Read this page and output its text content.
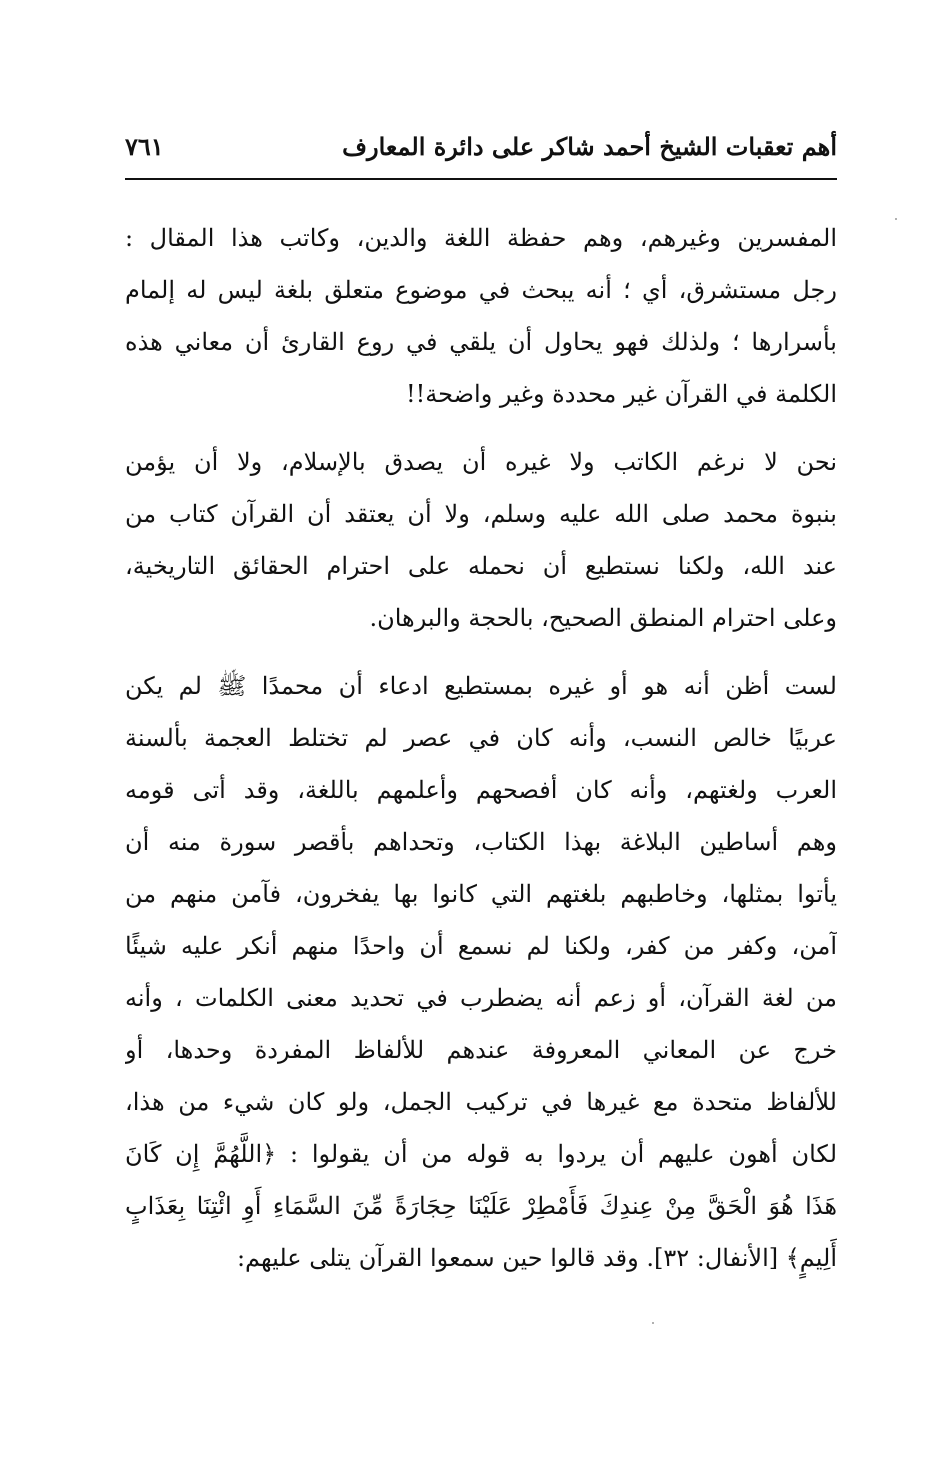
أهم تعقبات الشيخ أحمد شاكر على دائرة المعارف
٧٦١

المفسرين وغيرهم، وهم حفظة اللغة والدين، وكاتب هذا المقال :
رجل مستشرق، أي ؛ أنه يبحث في موضوع متعلق بلغة ليس له إلمام
بأسرارها ؛ ولذلك فهو يحاول أن يلقي في روع القارئ أن معاني هذه
الكلمة في القرآن غير محددة وغير واضحة!!

نحن لا نرغم الكاتب ولا غيره أن يصدق بالإسلام، ولا أن يؤمن
بنبوة محمد صلى الله عليه وسلم، ولا أن يعتقد أن القرآن كتاب من
عند الله، ولكنا نستطيع أن نحمله على احترام الحقائق التاريخية،
وعلى احترام المنطق الصحيح، بالحجة والبرهان.

لست أظن أنه هو أو غيره بمستطيع ادعاء أن محمدًا ﷺ لم يكن
عربيًا خالص النسب، وأنه كان في عصر لم تختلط العجمة بألسنة
العرب ولغتهم، وأنه كان أفصحهم وأعلمهم باللغة، وقد أتى قومه
وهم أساطين البلاغة بهذا الكتاب، وتحداهم بأقصر سورة منه أن
يأتوا بمثلها، وخاطبهم بلغتهم التي كانوا بها يفخرون، فآمن منهم من
آمن، وكفر من كفر، ولكنا لم نسمع أن واحدًا منهم أنكر عليه شيئًا
من لغة القرآن، أو زعم أنه يضطرب في تحديد معنى الكلمات ، وأنه
خرج عن المعاني المعروفة عندهم للألفاظ المفردة وحدها، أو
للألفاظ متحدة مع غيرها في تركيب الجمل، ولو كان شيء من هذا،
لكان أهون عليهم أن يردوا به قوله من أن يقولوا : ﴿اللَّهُمَّ إِن كَانَ
هَذَا هُوَ الْحَقَّ مِنْ عِندِكَ فَأَمْطِرْ عَلَيْنَا حِجَارَةً مِّنَ السَّمَاءِ أَوِ ائْتِنَا بِعَذَابٍ
أَلِيمٍ﴾ [الأنفال: ٣٢]. وقد قالوا حين سمعوا القرآن يتلى عليهم:
